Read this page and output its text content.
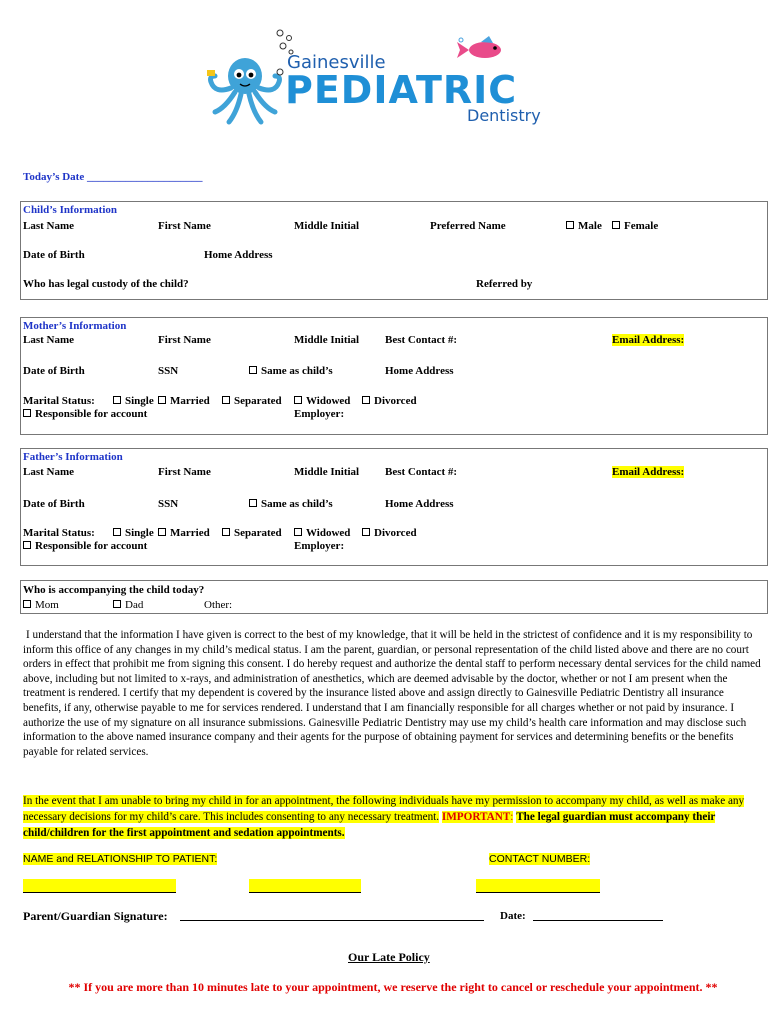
Gainesville
PEDIATRIC
Dentistry
Today’s Date _____________________
Child’s Information
Last Name	First Name	Middle Initial	Preferred Name	Male	Female
Date of Birth	Home Address
Who has legal custody of the child?	Referred by
Mother’s Information
Last Name	First Name	Middle Initial Best Contact #:	Email Address:
Date of Birth	SSN	Same as child’s	Home Address
Marital Status:	Single	Married	Separated	Widowed	Divorced
Responsible for account	Employer:
Father’s Information
Last Name	First Name	Middle Initial Best Contact #:	Email Address:
Date of Birth	SSN	Same as child’s	Home Address
Marital Status:	Single	Married	Separated	Widowed	Divorced
Responsible for account	Employer:
Who is accompanying the child today?
Mom	Dad	Other:
I understand that the information I have given is correct to the best of my knowledge, that it will be held in the strictest of confidence and it is my responsibility to inform this office of any changes in my child’s medical status. I am the parent, guardian, or personal representation of the child listed above and there are no court orders in effect that prohibit me from signing this consent. I do hereby request and authorize the dental staff to perform necessary dental services for the child named above, including but not limited to x-rays, and administration of anesthetics, which are deemed advisable by the doctor, whether or not I am present when the treatment is rendered. I certify that my dependent is covered by the insurance listed above and assign directly to Gainesville Pediatric Dentistry all insurance benefits, if any, otherwise payable to me for services rendered. I understand that I am financially responsible for all charges whether or not paid by insurance. I authorize the use of my signature on all insurance submissions. Gainesville Pediatric Dentistry may use my child’s health care information and may disclose such information to the above named insurance company and their agents for the purpose of obtaining payment for services and determining benefits or the benefits payable for related services.
In the event that I am unable to bring my child in for an appointment, the following individuals have my permission to accompany my child, as well as make any necessary decisions for my child’s care. This includes consenting to any necessary treatment. IMPORTANT: The legal guardian must accompany their child/children for the first appointment and sedation appointments.
NAME and RELATIONSHIP TO PATIENT:	CONTACT NUMBER:
Parent/Guardian Signature:	Date:
Our Late Policy
** If you are more than 10 minutes late to your appointment, we reserve the right to cancel or reschedule your appointment. **
